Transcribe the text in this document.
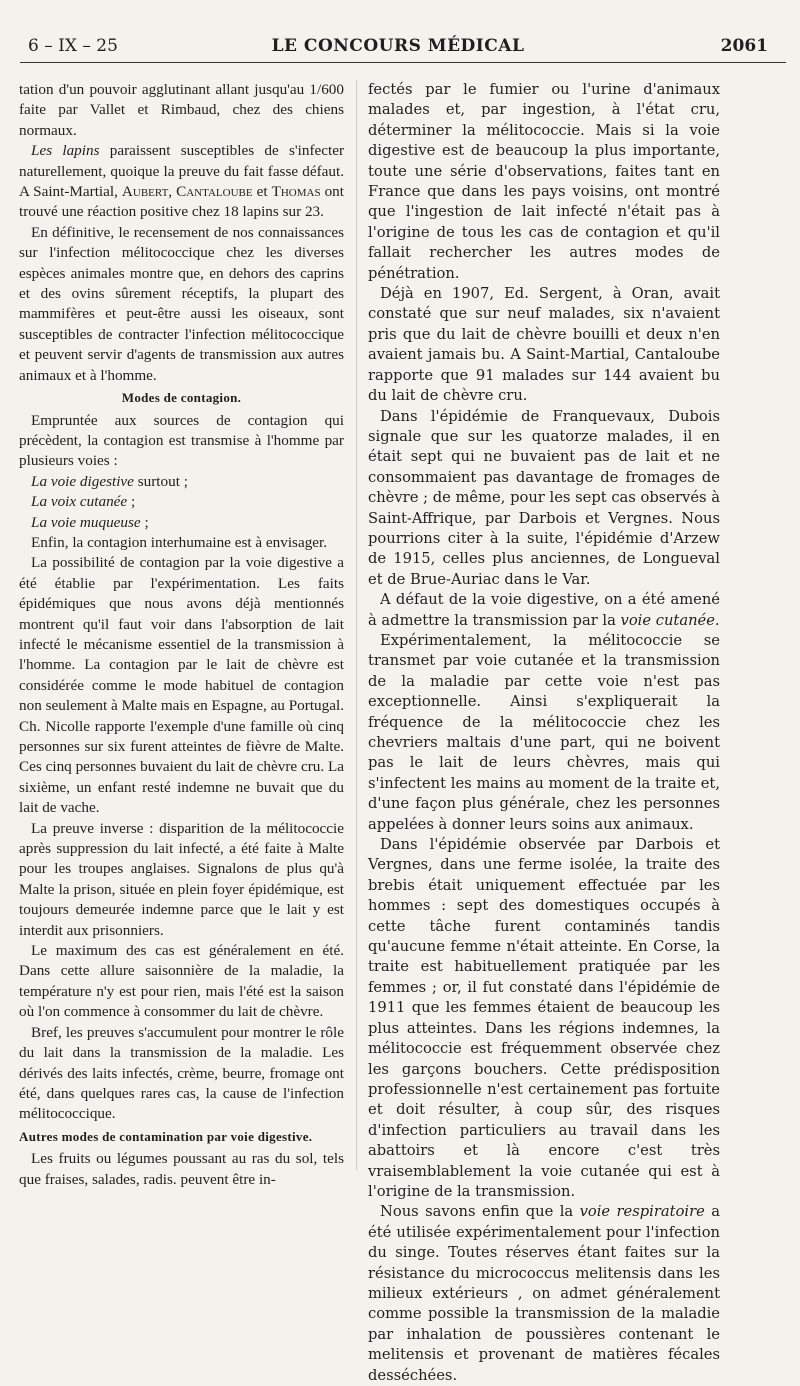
6 – IX – 25	LE CONCOURS MÉDICAL	2061

tation d'un pouvoir agglutinant allant jusqu'au 1/600 faite par Vallet et Rimbaud, chez des chiens normaux.

Les lapins paraissent susceptibles de s'infecter naturellement, quoique la preuve du fait fasse défaut. A Saint-Martial, Aubert, Cantaloube et Thomas ont trouvé une réaction positive chez 18 lapins sur 23.

En définitive, le recensement de nos connaissances sur l'infection mélitococcique chez les diverses espèces animales montre que, en dehors des caprins et des ovins sûrement réceptifs, la plupart des mammifères et peut-être aussi les oiseaux, sont susceptibles de contracter l'infection mélitococcique et peuvent servir d'agents de transmission aux autres animaux et à l'homme.

Modes de contagion.

Empruntée aux sources de contagion qui précèdent, la contagion est transmise à l'homme par plusieurs voies :

La voie digestive surtout ;

La voix cutanée ;

La voie muqueuse ;

Enfin, la contagion interhumaine est à envisager.

La possibilité de contagion par la voie digestive a été établie par l'expérimentation. Les faits épidémiques que nous avons déjà mentionnés montrent qu'il faut voir dans l'absorption de lait infecté le mécanisme essentiel de la transmission à l'homme. La contagion par le lait de chèvre est considérée comme le mode habituel de contagion non seulement à Malte mais en Espagne, au Portugal. Ch. Nicolle rapporte l'exemple d'une famille où cinq personnes sur six furent atteintes de fièvre de Malte. Ces cinq personnes buvaient du lait de chèvre cru. La sixième, un enfant resté indemne ne buvait que du lait de vache.

La preuve inverse : disparition de la mélitococcie après suppression du lait infecté, a été faite à Malte pour les troupes anglaises. Signalons de plus qu'à Malte la prison, située en plein foyer épidémique, est toujours demeurée indemne parce que le lait y est interdit aux prisonniers.

Le maximum des cas est généralement en été. Dans cette allure saisonnière de la maladie, la température n'y est pour rien, mais l'été est la saison où l'on commence à consommer du lait de chèvre.

Bref, les preuves s'accumulent pour montrer le rôle du lait dans la transmission de la maladie. Les dérivés des laits infectés, crème, beurre, fromage ont été, dans quelques rares cas, la cause de l'infection mélitococcique.

Autres modes de contamination par voie digestive.

Les fruits ou légumes poussant au ras du sol, tels que fraises, salades, radis. peuvent être in-

fectés par le fumier ou l'urine d'animaux malades et, par ingestion, à l'état cru, déterminer la mélitococcie. Mais si la voie digestive est de beaucoup la plus importante, toute une série d'observations, faites tant en France que dans les pays voisins, ont montré que l'ingestion de lait infecté n'était pas à l'origine de tous les cas de contagion et qu'il fallait rechercher les autres modes de pénétration.

Déjà en 1907, Ed. Sergent, à Oran, avait constaté que sur neuf malades, six n'avaient pris que du lait de chèvre bouilli et deux n'en avaient jamais bu. A Saint-Martial, Cantaloube rapporte que 91 malades sur 144 avaient bu du lait de chèvre cru.

Dans l'épidémie de Franquevaux, Dubois signale que sur les quatorze malades, il en était sept qui ne buvaient pas de lait et ne consommaient pas davantage de fromages de chèvre ; de même, pour les sept cas observés à Saint-Affrique, par Darbois et Vergnes. Nous pourrions citer à la suite, l'épidémie d'Arzew de 1915, celles plus anciennes, de Longueval et de Brue-Auriac dans le Var.

A défaut de la voie digestive, on a été amené à admettre la transmission par la voie cutanée.

Expérimentalement, la mélitococcie se transmet par voie cutanée et la transmission de la maladie par cette voie n'est pas exceptionnelle. Ainsi s'expliquerait la fréquence de la mélitococcie chez les chevriers maltais d'une part, qui ne boivent pas le lait de leurs chèvres, mais qui s'infectent les mains au moment de la traite et, d'une façon plus générale, chez les personnes appelées à donner leurs soins aux animaux.

Dans l'épidémie observée par Darbois et Vergnes, dans une ferme isolée, la traite des brebis était uniquement effectuée par les hommes : sept des domestiques occupés à cette tâche furent contaminés tandis qu'aucune femme n'était atteinte. En Corse, la traite est habituellement pratiquée par les femmes ; or, il fut constaté dans l'épidémie de 1911 que les femmes étaient de beaucoup les plus atteintes. Dans les régions indemnes, la mélitococcie est fréquemment observée chez les garçons bouchers. Cette prédisposition professionnelle n'est certainement pas fortuite et doit résulter, à coup sûr, des risques d'infection particuliers au travail dans les abattoirs et là encore c'est très vraisemblablement la voie cutanée qui est à l'origine de la transmission.

Nous savons enfin que la voie respiratoire a été utilisée expérimentalement pour l'infection du singe. Toutes réserves étant faites sur la résistance du micrococcus melitensis dans les milieux extérieurs , on admet généralement comme possible la transmission de la maladie par inhalation de poussières contenant le melitensis et provenant de matières fécales desséchées.
